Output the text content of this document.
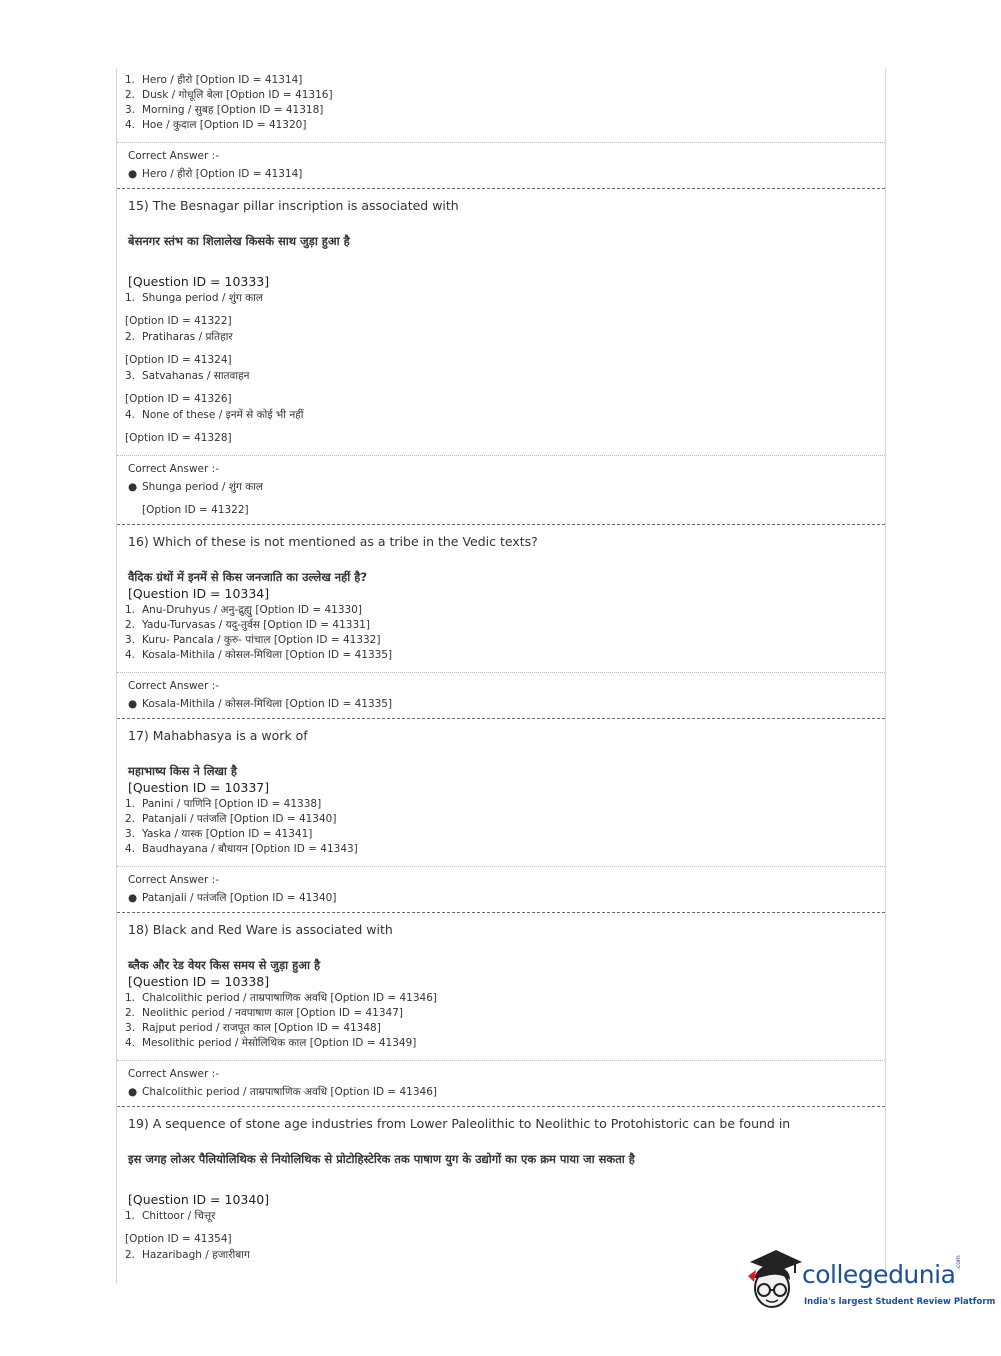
1. Hero / हीरो [Option ID = 41314]
2. Dusk / गोधूलि बेला [Option ID = 41316]
3. Morning / सुबह [Option ID = 41318]
4. Hoe / कुदाल [Option ID = 41320]
Correct Answer :-
● Hero / हीरो [Option ID = 41314]
15) The Besnagar pillar inscription is associated with
बेसनगर स्तंभ का शिलालेख किसके साथ जुड़ा हुआ है
[Question ID = 10333]
1. Shunga period / शुंग काल
[Option ID = 41322]
2. Pratiharas / प्रतिहार
[Option ID = 41324]
3. Satvahanas / सातवाहन
[Option ID = 41326]
4. None of these / इनमें से कोई भी नहीं
[Option ID = 41328]
Correct Answer :-
● Shunga period / शुंग काल
[Option ID = 41322]
16) Which of these is not mentioned as a tribe in the Vedic texts?
वैदिक ग्रंथों में इनमें से किस जनजाति का उल्लेख नहीं है?
[Question ID = 10334]
1. Anu-Druhyus / अनु-द्रुह्यु [Option ID = 41330]
2. Yadu-Turvasas / यदु-तुर्वस [Option ID = 41331]
3. Kuru- Pancala / कुरु- पांचाल [Option ID = 41332]
4. Kosala-Mithila / कोसल-मिथिला [Option ID = 41335]
Correct Answer :-
● Kosala-Mithila / कोसल-मिथिला [Option ID = 41335]
17) Mahabhasya is a work of
महाभाष्य किस ने लिखा है
[Question ID = 10337]
1. Panini / पाणिनि [Option ID = 41338]
2. Patanjali / पतंजलि [Option ID = 41340]
3. Yaska / यास्क [Option ID = 41341]
4. Baudhayana / बौधायन [Option ID = 41343]
Correct Answer :-
● Patanjali / पतंजलि [Option ID = 41340]
18) Black and Red Ware is associated with
ब्लैक और रेड वेयर किस समय से जुड़ा हुआ है
[Question ID = 10338]
1. Chalcolithic period / ताम्रपाषाणिक अवधि [Option ID = 41346]
2. Neolithic period / नवपाषाण काल [Option ID = 41347]
3. Rajput period / राजपूत काल [Option ID = 41348]
4. Mesolithic period / मेसोलिथिक काल [Option ID = 41349]
Correct Answer :-
● Chalcolithic period / ताम्रपाषाणिक अवधि [Option ID = 41346]
19) A sequence of stone age industries from Lower Paleolithic to Neolithic to Protohistoric can be found in
इस जगह लोअर पैलियोलिथिक से नियोलिथिक से प्रोटोहिस्टेरिक तक पाषाण युग के उद्योगों का एक क्रम पाया जा सकता है
[Question ID = 10340]
1. Chittoor / चित्तूर
[Option ID = 41354]
2. Hazaribagh / हजारीबाग
collegedunia .com
India's largest Student Review Platform
